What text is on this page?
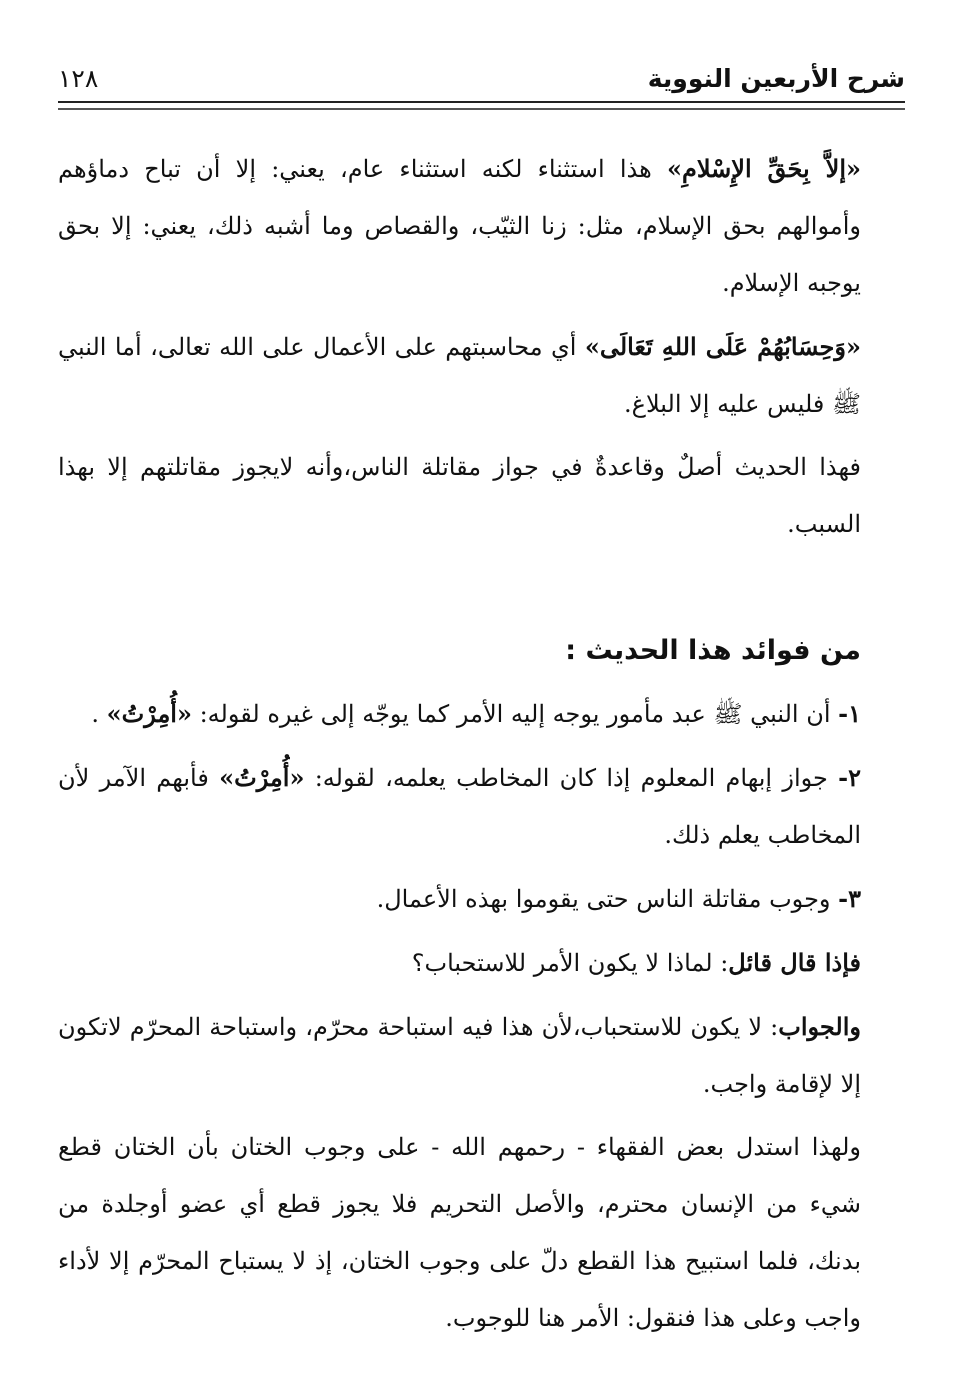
شرح الأربعين النووية
١٢٨

«إلاَّ بِحَقِّ الإِسْلامِ» هذا استثناء لكنه استثناء عام، يعني: إلا أن تباح دماؤهم وأموالهم بحق الإسلام، مثل: زنا الثيّب، والقصاص وما أشبه ذلك، يعني: إلا بحق يوجبه الإسلام.

«وَحِسَابُهُمْ عَلَى اللهِ تَعَالَى» أي محاسبتهم على الأعمال على الله تعالى، أما النبي ﷺ فليس عليه إلا البلاغ.

فهذا الحديث أصلٌ وقاعدةٌ في جواز مقاتلة الناس،وأنه لايجوز مقاتلتهم إلا بهذا السبب.

من فوائد هذا الحديث :

١- أن النبي ﷺ عبد مأمور يوجه إليه الأمر كما يوجّه إلى غيره لقوله: «أُمِرْتُ» .

٢- جواز إبهام المعلوم إذا كان المخاطب يعلمه، لقوله: «أُمِرْتُ» فأبهم الآمر لأن المخاطب يعلم ذلك.

٣- وجوب مقاتلة الناس حتى يقوموا بهذه الأعمال.

فإذا قال قائل: لماذا لا يكون الأمر للاستحباب؟

والجواب: لا يكون للاستحباب،لأن هذا فيه استباحة محرّم، واستباحة المحرّم لاتكون إلا لإقامة واجب.

ولهذا استدل بعض الفقهاء - رحمهم الله - على وجوب الختان بأن الختان قطع شيء من الإنسان محترم، والأصل التحريم فلا يجوز قطع أي عضو أوجلدة من بدنك، فلما استبيح هذا القطع دلّ على وجوب الختان، إذ لا يستباح المحرّم إلا لأداء واجب وعلى هذا فنقول: الأمر هنا للوجوب.
